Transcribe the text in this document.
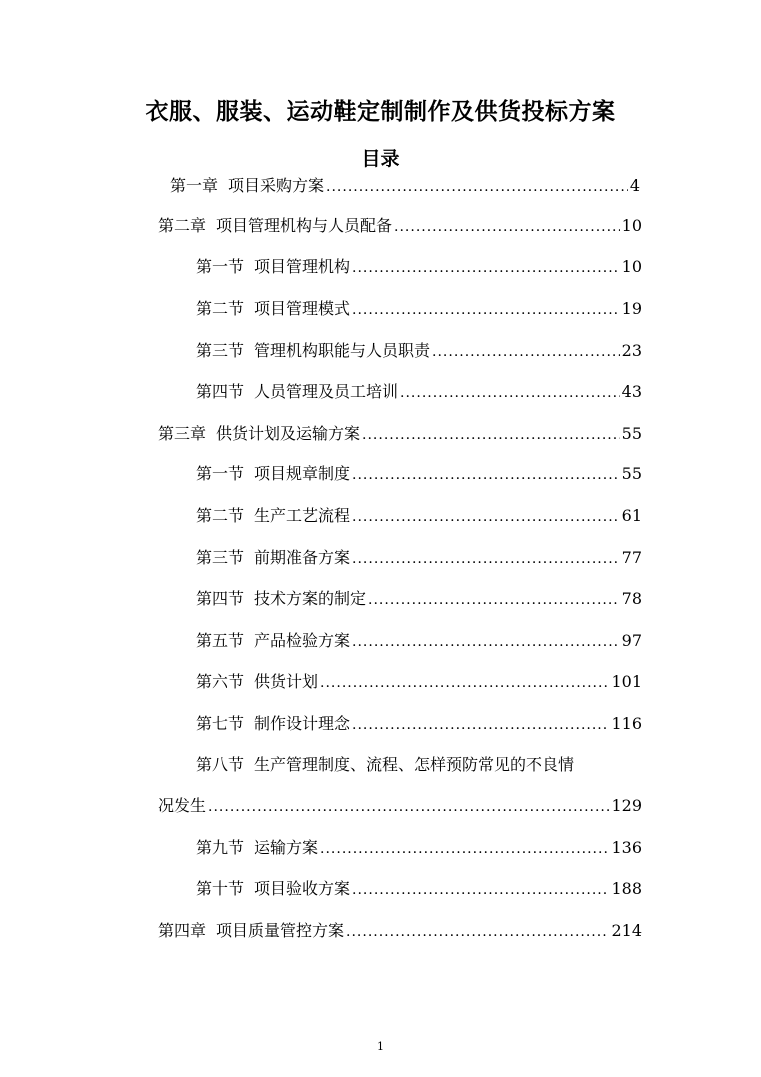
衣服、服装、运动鞋定制制作及供货投标方案
目录
第一章 项目采购方案 .....	4
第二章 项目管理机构与人员配备 .....	10
第一节 项目管理机构 .....	10
第二节 项目管理模式 .....	19
第三节 管理机构职能与人员职责 .....	23
第四节 人员管理及员工培训 .....	43
第三章 供货计划及运输方案 .....	55
第一节 项目规章制度 .....	55
第二节 生产工艺流程 .....	61
第三节 前期准备方案 .....	77
第四节 技术方案的制定 .....	78
第五节 产品检验方案 .....	97
第六节 供货计划 .....	101
第七节 制作设计理念 .....	116
第八节 生产管理制度、流程、怎样预防常见的不良情
况发生 .....	129
第九节 运输方案 .....	136
第十节 项目验收方案 .....	188
第四章 项目质量管控方案 .....	214
1
